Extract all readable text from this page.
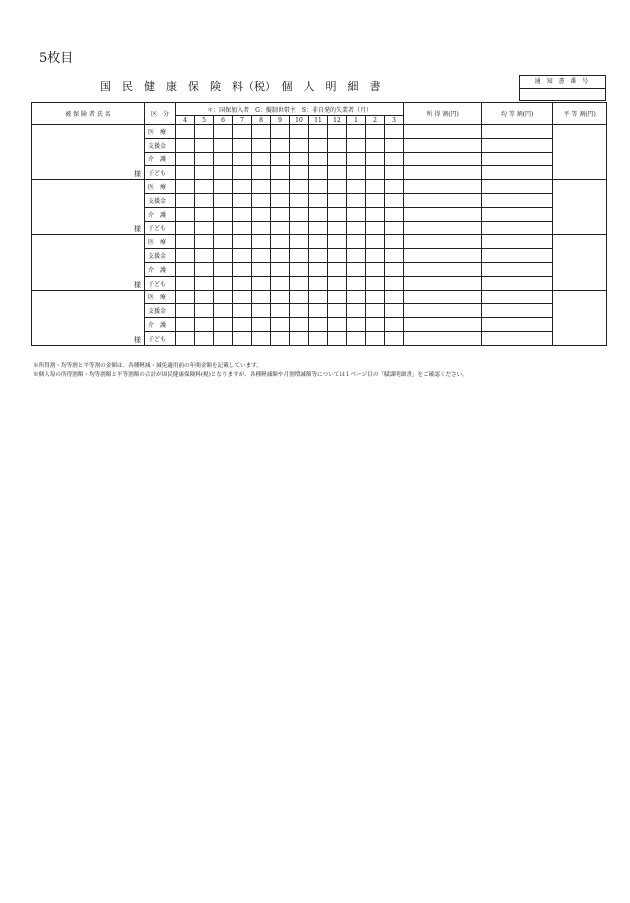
5枚目
国　民　健　康　保　険　料（税）　個　人　明　細　書	通 知 書 番 号
被 保 険 者 氏 名	区　分	＊：国保加入者　G：擬制世帯主　S：非自発的失業者（月）												所 得 割(円)	均 等 割(円)	平 等 割(円)
		4	5	6	7	8	9	10	11	12	1	2	3			
様	医　療															
	支援金															
	介　護															
	子ども															
様	医　療															
	支援金															
	介　護															
	子ども															
様	医　療															
	支援金															
	介　護															
	子ども															
様	医　療															
	支援金															
	介　護															
	子ども															
※所得割・均等割と平等割の金額は、各種軽減・減免適用前の年間金額を記載しています。
※個人毎の所得割額・均等割額と平等割額の合計が国民健康保険料(税)となりますが、各種軽減額や月割増減額等については１ページ目の「賦課明細書」をご確認ください。
